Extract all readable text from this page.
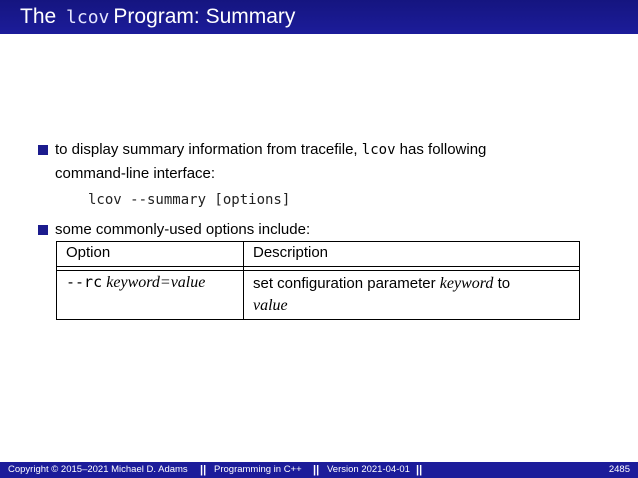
The lcov Program: Summary
to display summary information from tracefile, lcov has following
command-line interface:
lcov --summary [options]
some commonly-used options include:
Option	Description

--rc keyword=value	set configuration parameter keyword to
value
Copyright © 2015–2021 Michael D. Adams || Programming in C++ || Version 2021-04-01 ||	2485
